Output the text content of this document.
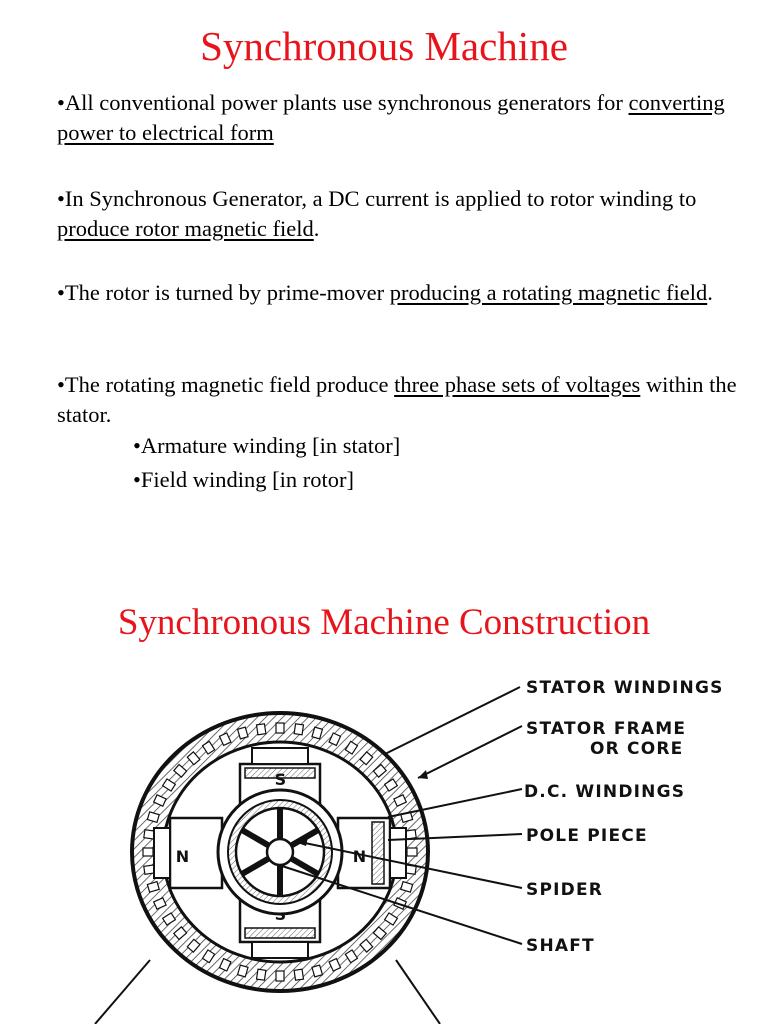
Synchronous Machine

•All conventional power plants use synchronous generators for converting power to electrical form

•In Synchronous Generator, a DC current is applied to rotor winding to produce rotor magnetic field.

•The rotor is turned by prime-mover producing a rotating magnetic field.

•The rotating magnetic field produce three phase sets of voltages within the stator.

•Armature winding [in stator]

•Field winding [in rotor]

Synchronous Machine Construction
S
N	N
STATOR WINDINGS
STATOR FRAME
OR CORE
D.C. WINDINGS
POLE PIECE
SPIDER
SHAFT
